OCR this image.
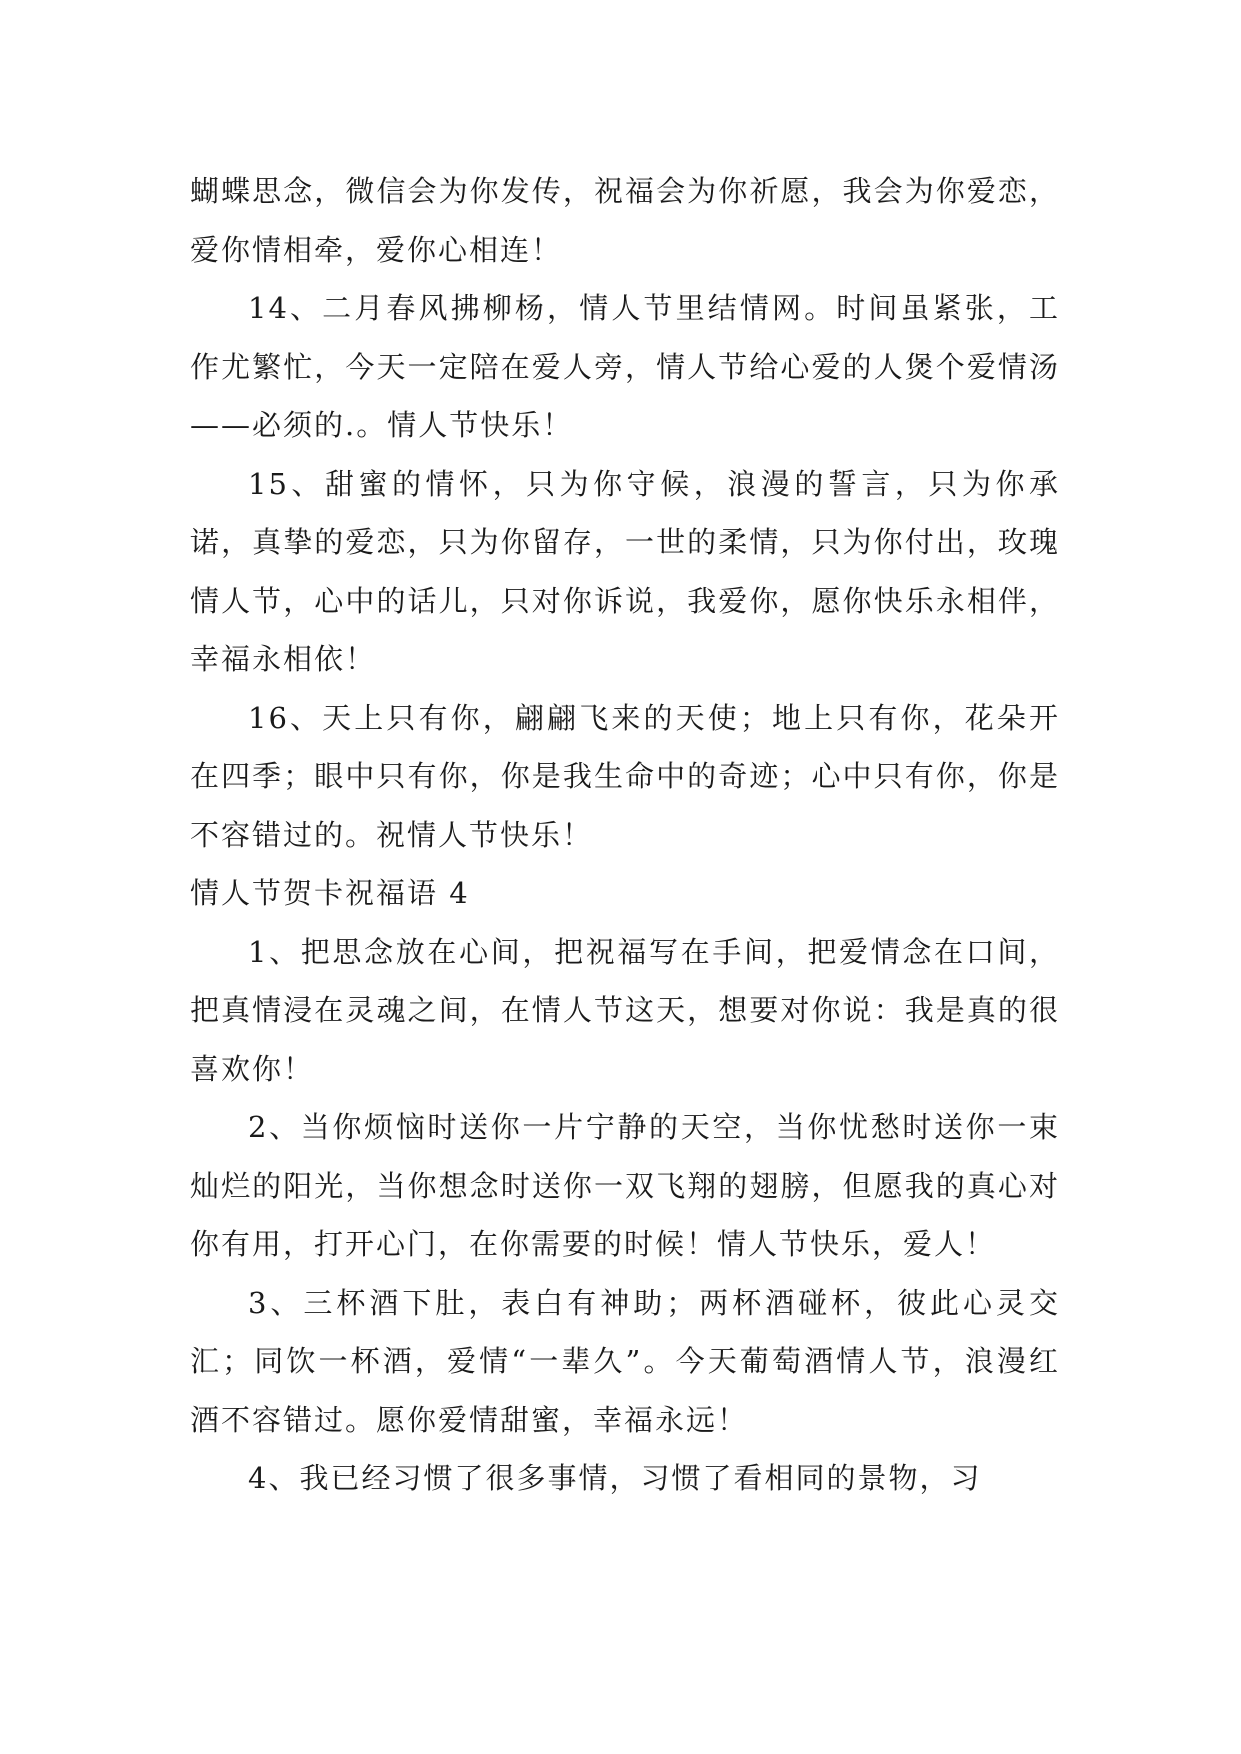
蝴蝶思念，微信会为你发传，祝福会为你祈愿，我会为你爱恋，爱你情相牵，爱你心相连！

14、二月春风拂柳杨，情人节里结情网。时间虽紧张，工作尤繁忙，今天一定陪在爱人旁，情人节给心爱的人煲个爱情汤——必须的.。情人节快乐！

15、甜蜜的情怀，只为你守候，浪漫的誓言，只为你承诺，真挚的爱恋，只为你留存，一世的柔情，只为你付出，玫瑰情人节，心中的话儿，只对你诉说，我爱你，愿你快乐永相伴，幸福永相依！

16、天上只有你，翩翩飞来的天使；地上只有你，花朵开在四季；眼中只有你，你是我生命中的奇迹；心中只有你，你是不容错过的。祝情人节快乐！

情人节贺卡祝福语 4

1、把思念放在心间，把祝福写在手间，把爱情念在口间，把真情浸在灵魂之间，在情人节这天，想要对你说：我是真的很喜欢你！

2、当你烦恼时送你一片宁静的天空，当你忧愁时送你一束灿烂的阳光，当你想念时送你一双飞翔的翅膀，但愿我的真心对你有用，打开心门，在你需要的时候！情人节快乐，爱人！

3、三杯酒下肚，表白有神助；两杯酒碰杯，彼此心灵交汇；同饮一杯酒，爱情“一辈久”。今天葡萄酒情人节，浪漫红酒不容错过。愿你爱情甜蜜，幸福永远！

4、我已经习惯了很多事情，习惯了看相同的景物，习
